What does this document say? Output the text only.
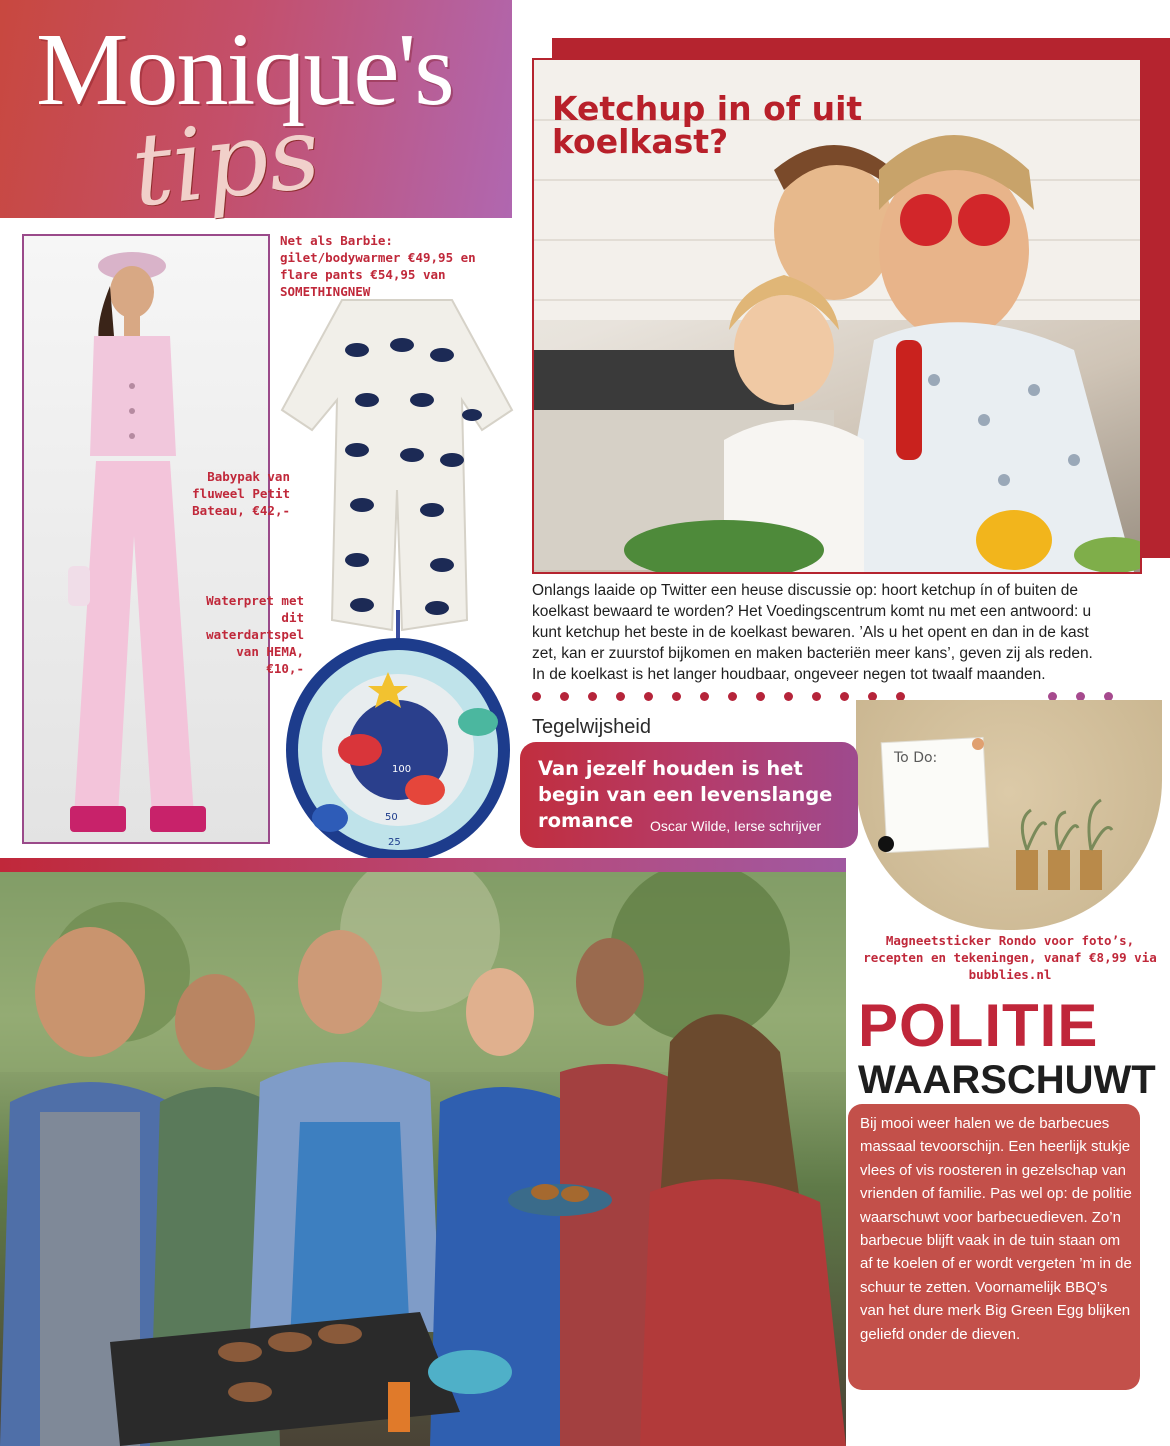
tips
Monique's	Ketchup in of uit koelkast?
Onlangs laaide op Twitter een heuse discussie op: hoort ketchup ín of buiten de koelkast bewaard te worden? Het Voedingscentrum komt nu met een antwoord: u kunt ketchup het beste in de koelkast bewaren. ’Als u het opent en dan in de kast zet, kan er zuurstof bijkomen en maken bacteriën meer kans’, geven zij als reden. In de koelkast is het langer houdbaar, ongeveer negen tot twaalf maanden.
100
50
25
Net als Barbie: gilet/bodywarmer €49,95 en flare pants €54,95 van SOMETHINGNEW
Babypak van fluweel Petit Bateau, €42,-
Waterpret met dit waterdartspel van HEMA, €10,-
To Do:
Magneetsticker Rondo voor foto’s, recepten en tekeningen, vanaf €8,99 via bubblies.nl
Tegelwijsheid
Van jezelf houden is het begin van een levenslange romance	Oscar Wilde, Ierse schrijver
POLITIE
WAARSCHUWT
Bij mooi weer halen we de barbecues massaal tevoorschijn. Een heerlijk stukje vlees of vis roosteren in gezelschap van vrienden of familie. Pas wel op: de politie waarschuwt voor barbecuedieven. Zo’n barbecue blijft vaak in de tuin staan om af te koelen of er wordt vergeten ’m in de schuur te zetten. Voornamelijk BBQ’s van het dure merk Big Green Egg blijken geliefd onder de dieven.
